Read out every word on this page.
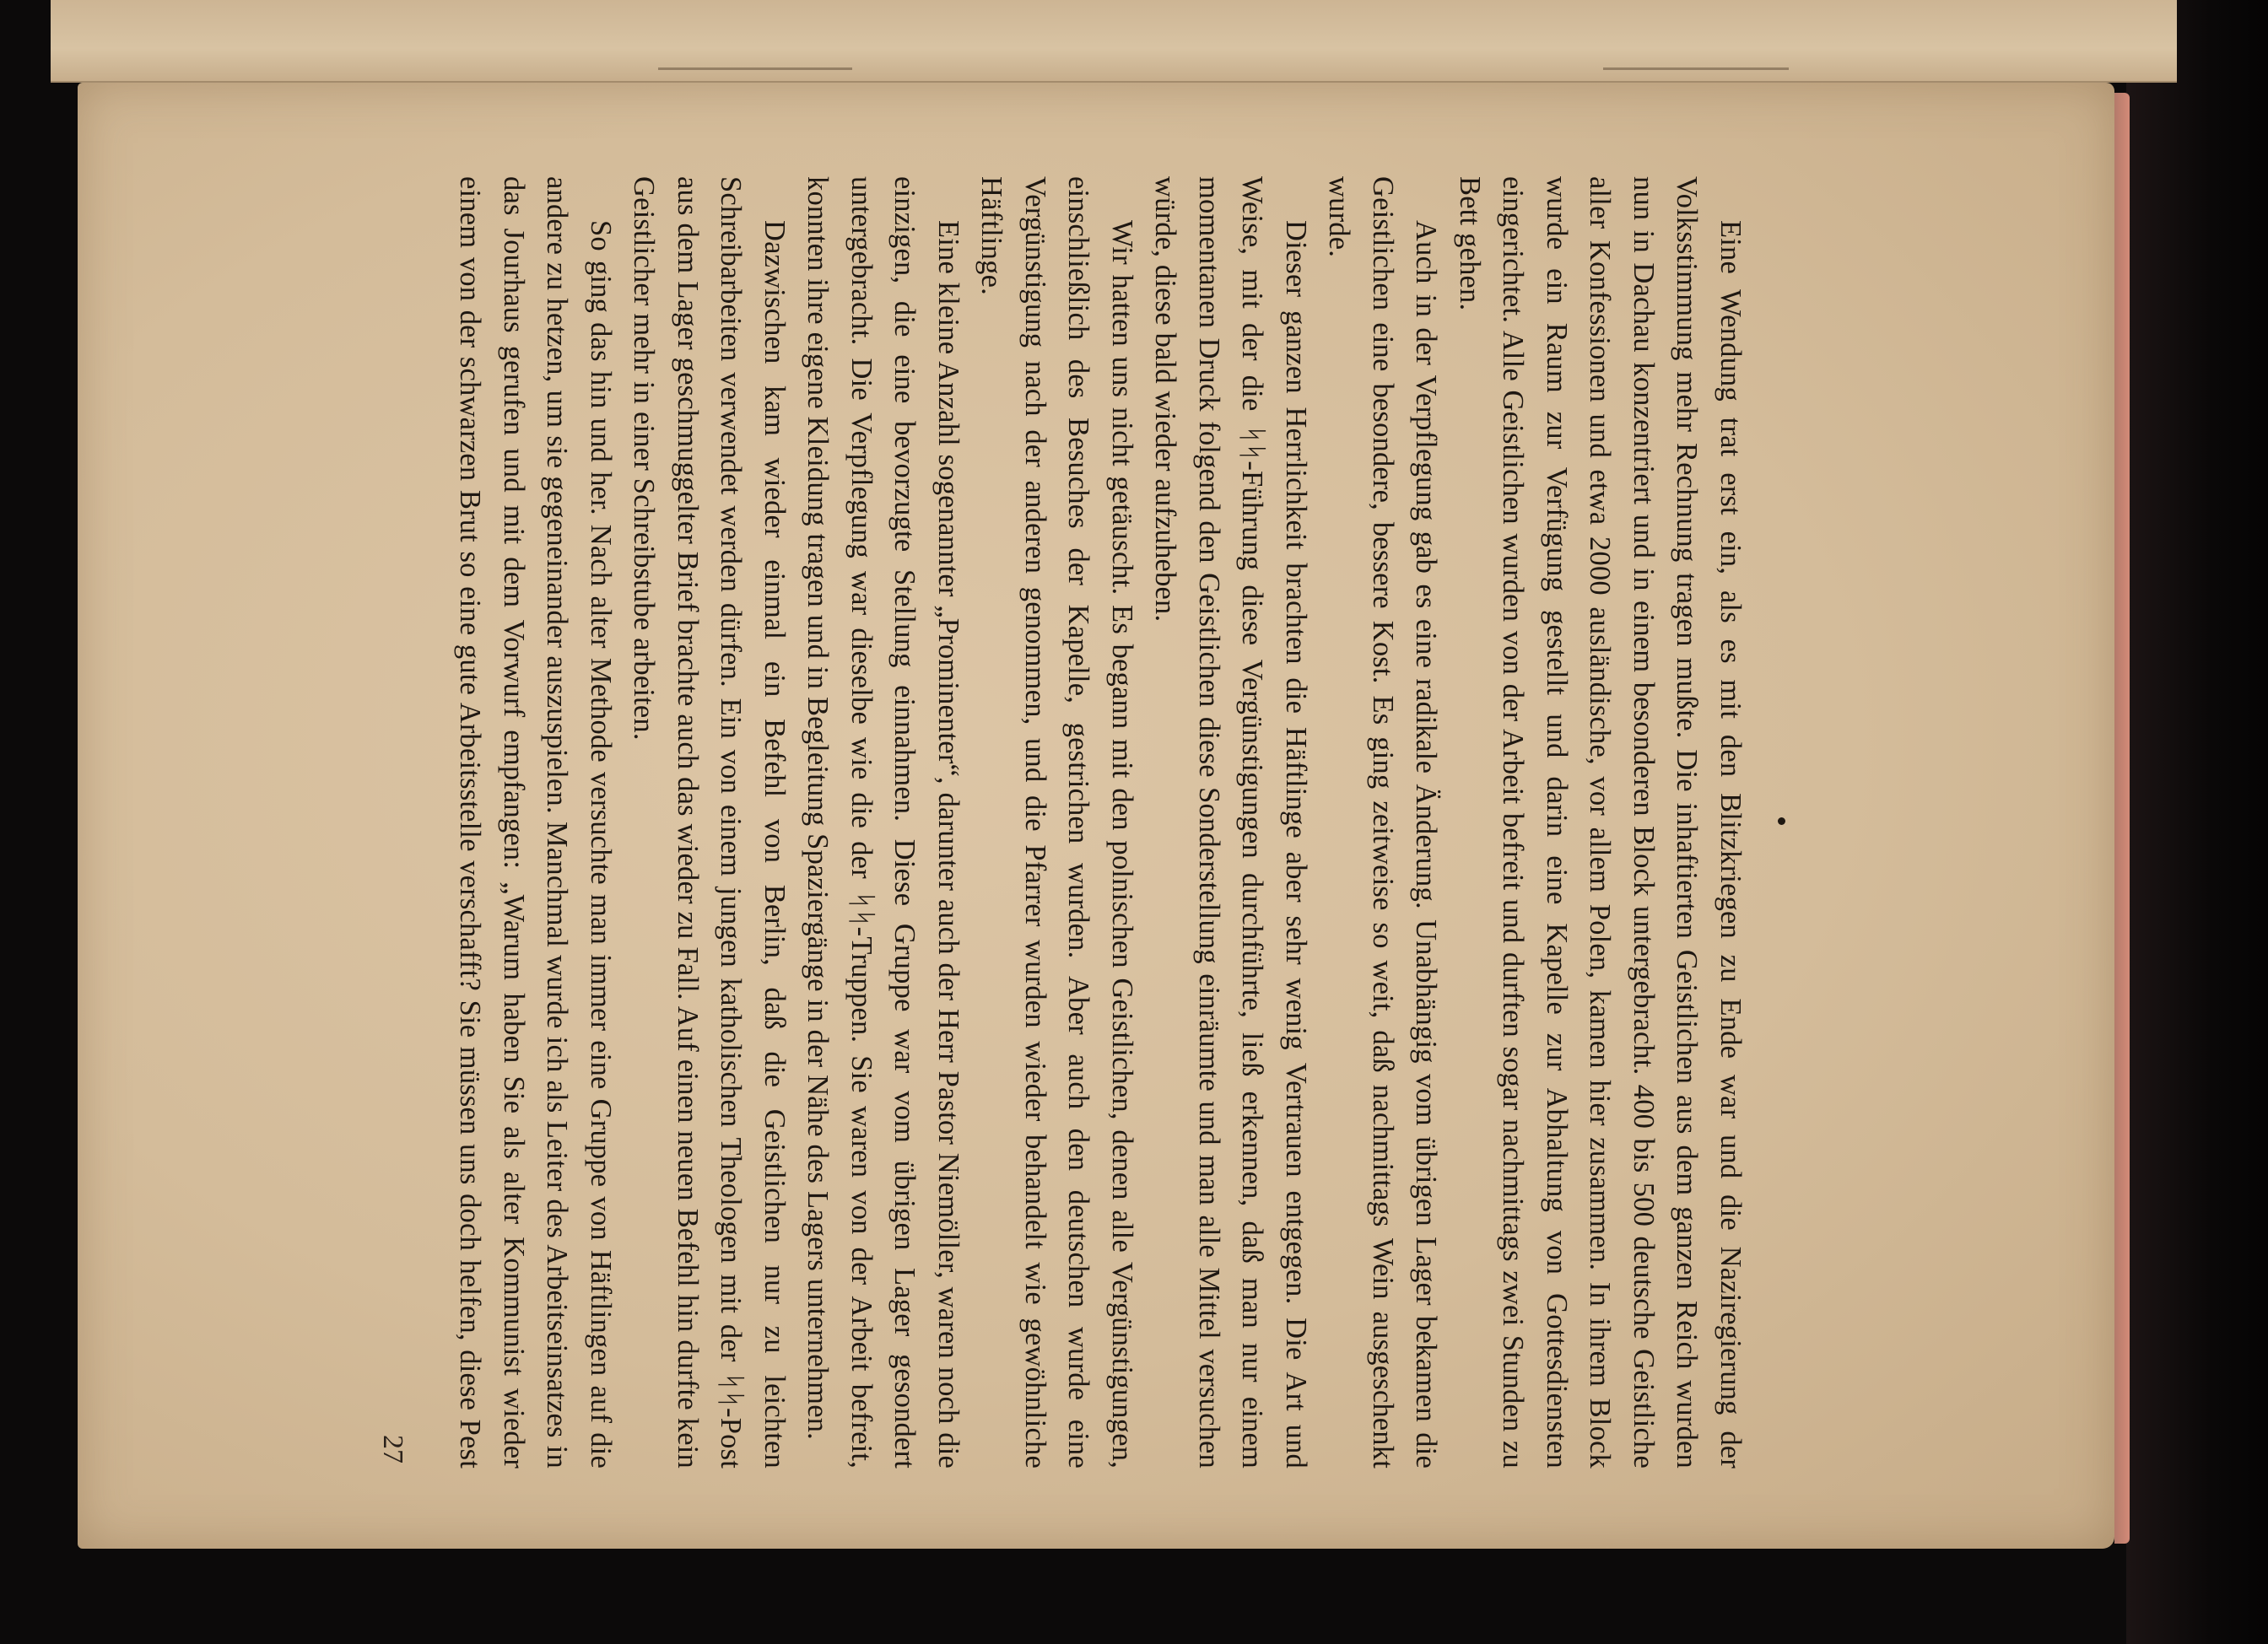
Eine Wendung trat erst ein, als es mit den Blitzkriegen zu Ende war und die Naziregierung der Volksstimmung mehr Rechnung tragen mußte. Die inhaftierten Geistlichen aus dem ganzen Reich wurden nun in Dachau konzentriert und in einem besonderen Block untergebracht. 400 bis 500 deutsche Geistliche aller Konfessionen und etwa 2000 ausländische, vor allem Polen, kamen hier zusammen. In ihrem Block wurde ein Raum zur Verfügung gestellt und darin eine Kapelle zur Abhaltung von Gottesdiensten eingerichtet. Alle Geistlichen wurden von der Arbeit befreit und durften sogar nachmittags zwei Stunden zu Bett gehen.

Auch in der Verpflegung gab es eine radikale Änderung. Unabhängig vom übrigen Lager bekamen die Geistlichen eine besondere, bessere Kost. Es ging zeitweise so weit, daß nachmittags Wein ausgeschenkt wurde.

Dieser ganzen Herrlichkeit brachten die Häftlinge aber sehr wenig Vertrauen entgegen. Die Art und Weise, mit der die ᛋᛋ-Führung diese Vergünstigungen durchführte, ließ erkennen, daß man nur einem momentanen Druck folgend den Geistlichen diese Sonderstellung einräumte und man alle Mittel versuchen würde, diese bald wieder aufzuheben.

Wir hatten uns nicht getäuscht. Es begann mit den polnischen Geistlichen, denen alle Vergünstigungen, einschließlich des Besuches der Kapelle, gestrichen wurden. Aber auch den deutschen wurde eine Vergünstigung nach der anderen genommen, und die Pfarrer wurden wieder behandelt wie gewöhnliche Häftlinge.

Eine kleine Anzahl sogenannter „Prominenter“, darunter auch der Herr Pastor Niemöller, waren noch die einzigen, die eine bevorzugte Stellung einnahmen. Diese Gruppe war vom übrigen Lager gesondert untergebracht. Die Verpflegung war dieselbe wie die der ᛋᛋ-Truppen. Sie waren von der Arbeit befreit, konnten ihre eigene Kleidung tragen und in Begleitung Spaziergänge in der Nähe des Lagers unternehmen.

Dazwischen kam wieder einmal ein Befehl von Berlin, daß die Geistlichen nur zu leichten Schreibarbeiten verwendet werden dürfen. Ein von einem jungen katholischen Theologen mit der ᛋᛋ-Post aus dem Lager geschmuggelter Brief brachte auch das wieder zu Fall. Auf einen neuen Befehl hin durfte kein Geistlicher mehr in einer Schreibstube arbeiten.

So ging das hin und her. Nach alter Methode versuchte man immer eine Gruppe von Häftlingen auf die andere zu hetzen, um sie gegeneinander auszuspielen. Manchmal wurde ich als Leiter des Arbeitseinsatzes in das Jourhaus gerufen und mit dem Vorwurf empfangen: „Warum haben Sie als alter Kommunist wieder einem von der schwarzen Brut so eine gute Arbeitsstelle verschafft? Sie müssen uns doch helfen, diese Pest

27
